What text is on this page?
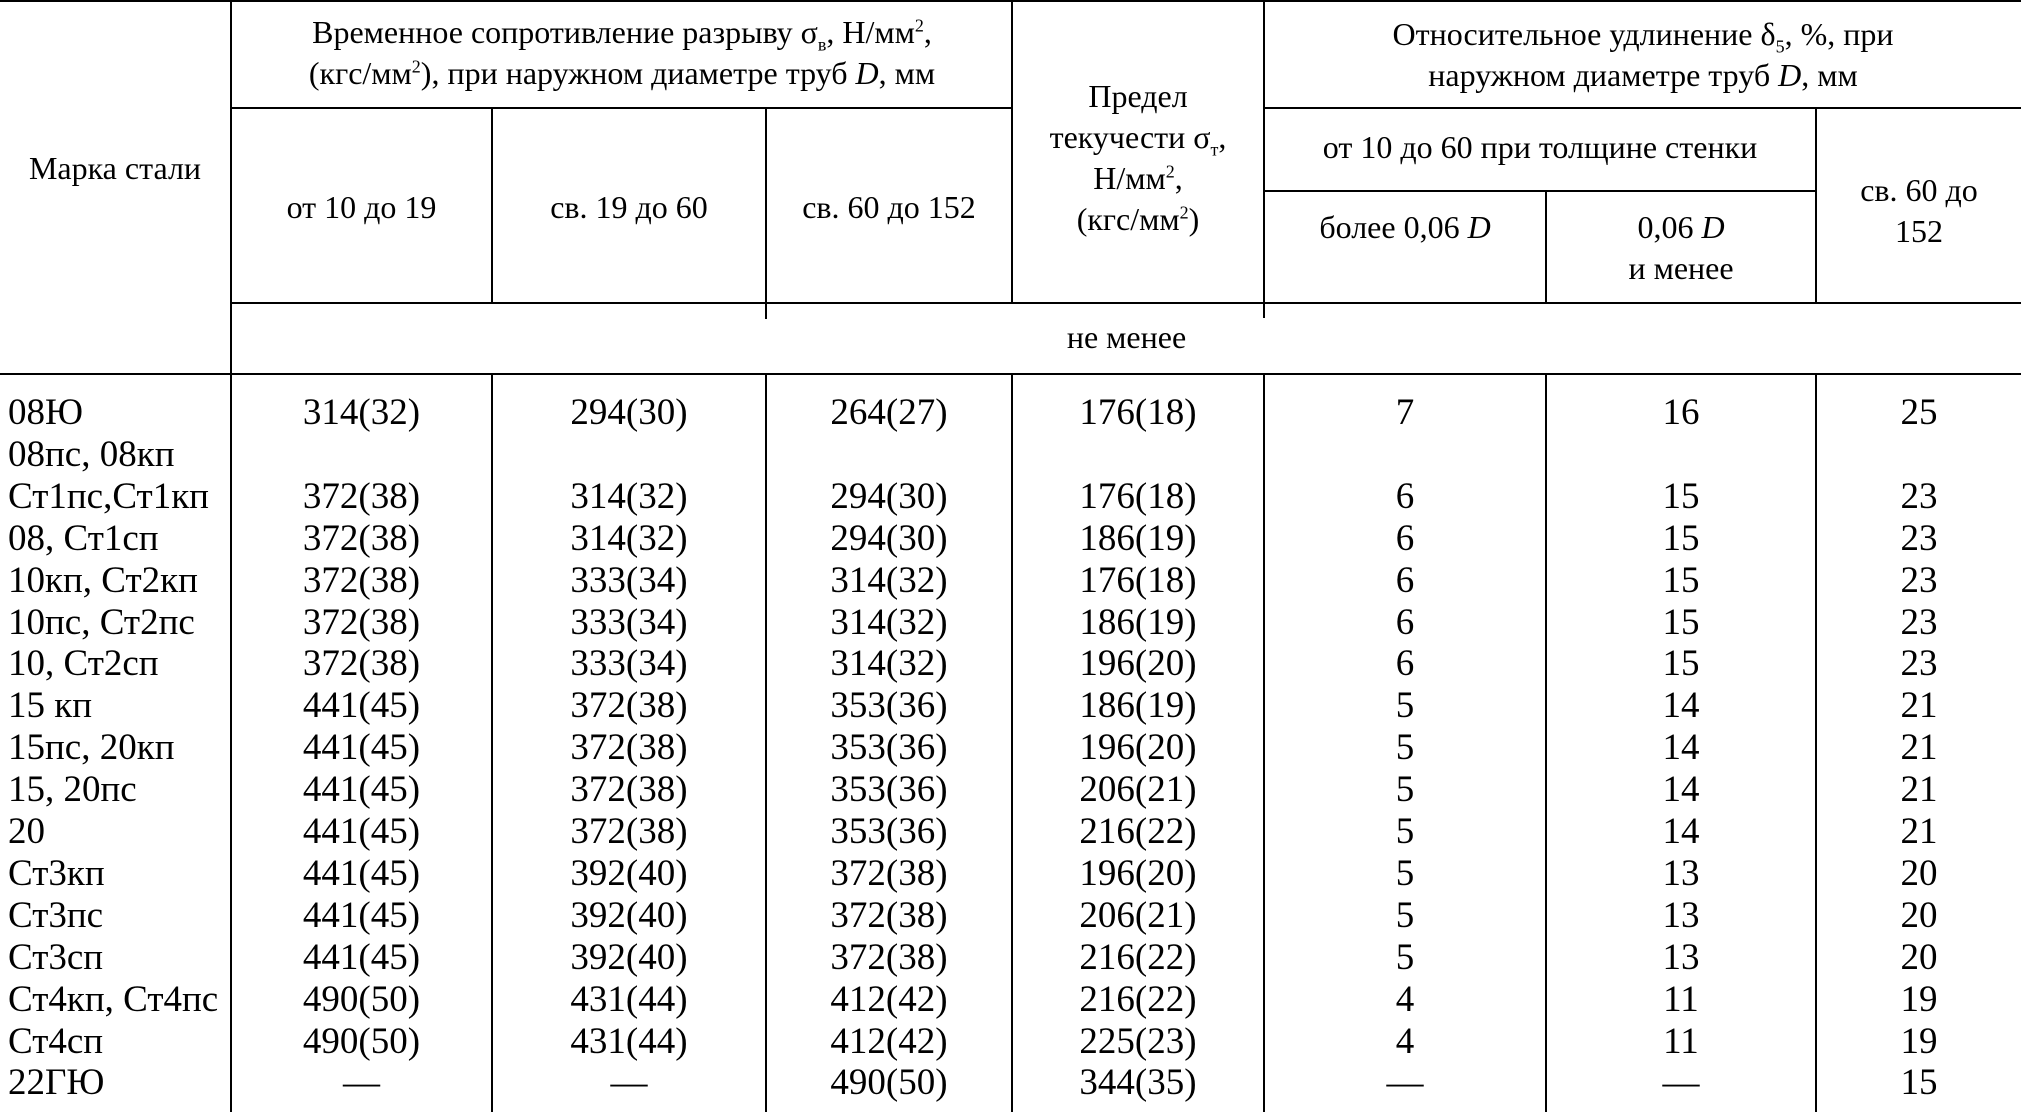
Марка стали
Временное сопротивление разрыву $\sigma_в$, $Н/мм^2$,
$(кгс/мм^2)$, при наружном диаметре труб D, мм
от 10 до 19	св. 19 до 60	св. 60 до 152
Предел
текучести $\sigma_т$,
$Н/мм^2$,
$(кгс/мм^2)$
Относительное удлинение $\delta_5$, %, при
наружном диаметре труб D, мм
от 10 до 60 при толщине стенки
более 0,06 D	0,06 D
и менее
св. 60 до
152
не менее
08Ю	314(32)	294(30)	264(27)	176(18)	7	16	25
08пс, 08кп
Ст1пс,Ст1кп	372(38)	314(32)	294(30)	176(18)	6	15	23
08, Ст1сп	372(38)	314(32)	294(30)	186(19)	6	15	23
10кп, Ст2кп	372(38)	333(34)	314(32)	176(18)	6	15	23
10пс, Ст2пс	372(38)	333(34)	314(32)	186(19)	6	15	23
10, Ст2сп	372(38)	333(34)	314(32)	196(20)	6	15	23
15 кп	441(45)	372(38)	353(36)	186(19)	5	14	21
15пс, 20кп	441(45)	372(38)	353(36)	196(20)	5	14	21
15, 20пс	441(45)	372(38)	353(36)	206(21)	5	14	21
20	441(45)	372(38)	353(36)	216(22)	5	14	21
Ст3кп	441(45)	392(40)	372(38)	196(20)	5	13	20
Ст3пс	441(45)	392(40)	372(38)	206(21)	5	13	20
Ст3сп	441(45)	392(40)	372(38)	216(22)	5	13	20
Ст4кп, Ст4пс	490(50)	431(44)	412(42)	216(22)	4	11	19
Ст4сп	490(50)	431(44)	412(42)	225(23)	4	11	19
22ГЮ	—	—	490(50)	344(35)	—	—	15
